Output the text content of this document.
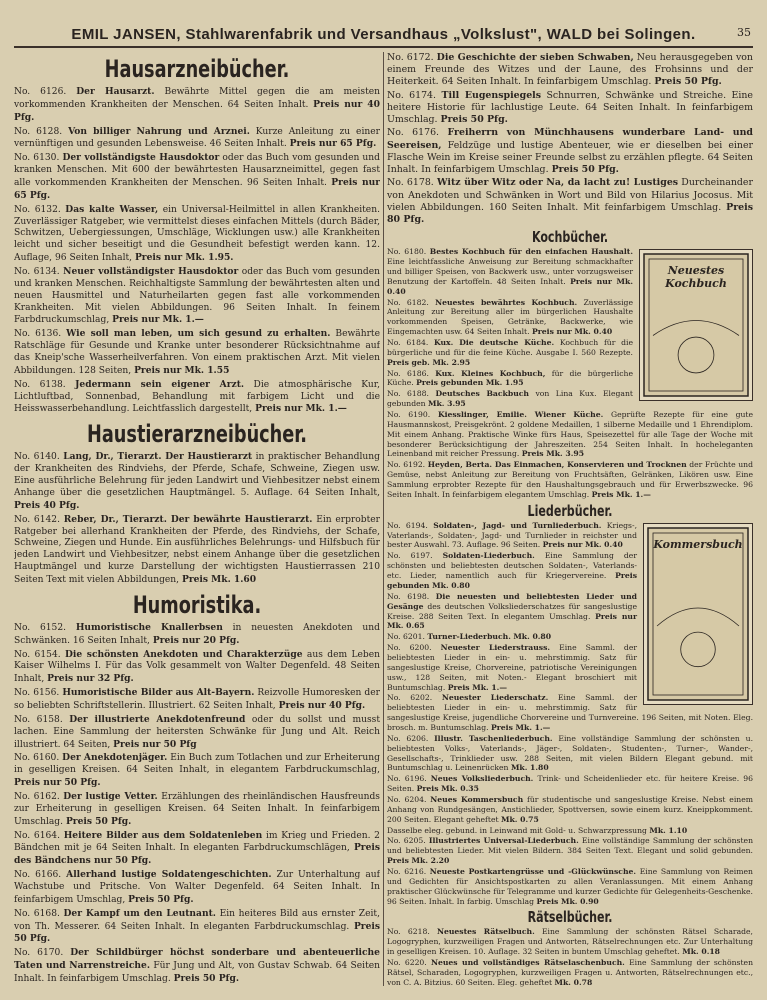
EMIL JANSEN, Stahlwarenfabrik und Versandhaus „Volkslust", WALD bei Solingen.	35
Hausarzneibücher.

No. 6126. Der Hausarzt. Bewährte Mittel gegen die am meisten vorkommenden Krankheiten der Menschen. 64 Seiten Inhalt. Preis nur 40 Pfg.

No. 6128. Von billiger Nahrung und Arznei. Kurze Anleitung zu einer vernünftigen und gesunden Lebensweise. 46 Seiten Inhalt. Preis nur 65 Pfg.

No. 6130. Der vollständigste Hausdoktor oder das Buch vom gesunden und kranken Menschen. Mit 600 der bewährtesten Hausarzneimittel, gegen fast alle vorkommenden Krankheiten der Menschen. 96 Seiten Inhalt. Preis nur 65 Pfg.

No. 6132. Das kalte Wasser, ein Universal-Heilmittel in allen Krankheiten. Zuverlässiger Ratgeber, wie vermittelst dieses einfachen Mittels (durch Bäder, Schwitzen, Uebergiessungen, Umschläge, Wicklungen usw.) alle Krankheiten leicht und sicher beseitigt und die Gesundheit befestigt werden kann. 12. Auflage, 96 Seiten Inhalt, Preis nur Mk. 1.95.

No. 6134. Neuer vollständigster Hausdoktor oder das Buch vom gesunden und kranken Menschen. Reichhaltigste Sammlung der bewährtesten alten und neuen Hausmittel und Naturheilarten gegen fast alle vorkommenden Krankheiten. Mit vielen Abbildungen. 96 Seiten Inhalt. In feinem Farbdruckumschlag, Preis nur Mk. 1.—

No. 6136. Wie soll man leben, um sich gesund zu erhalten. Bewährte Ratschläge für Gesunde und Kranke unter besonderer Rücksichtnahme auf das Kneip'sche Wasserheilverfahren. Von einem praktischen Arzt. Mit vielen Abbildungen. 128 Seiten, Preis nur Mk. 1.55

No. 6138. Jedermann sein eigener Arzt. Die atmosphärische Kur, Lichtluftbad, Sonnenbad, Behandlung mit farbigem Licht und die Heisswasserbehandlung. Leichtfasslich dargestellt, Preis nur Mk. 1.—

Haustierarzneibücher.

No. 6140. Lang, Dr., Tierarzt. Der Haustierarzt in praktischer Behandlung der Krankheiten des Rindviehs, der Pferde, Schafe, Schweine, Ziegen usw. Eine ausführliche Belehrung für jeden Landwirt und Viehbesitzer nebst einem Anhange über die gesetzlichen Hauptmängel. 5. Auflage. 64 Seiten Inhalt, Preis 40 Pfg.

No. 6142. Reber, Dr., Tierarzt. Der bewährte Haustierarzt. Ein erprobter Ratgeber bei allerhand Krankheiten der Pferde, des Rindviehs, der Schafe, Schweine, Ziegen und Hunde. Ein ausführliches Belehrungs- und Hilfsbuch für jeden Landwirt und Viehbesitzer, nebst einem Anhange über die gesetzlichen Hauptmängel und kurze Darstellung der wichtigsten Haustierrassen 210 Seiten Text mit vielen Abbildungen, Preis Mk. 1.60

Humoristika.

No. 6152. Humoristische Knallerbsen in neuesten Anekdoten und Schwänken. 16 Seiten Inhalt, Preis nur 20 Pfg.

No. 6154. Die schönsten Anekdoten und Charakterzüge aus dem Leben Kaiser Wilhelms I. Für das Volk gesammelt von Walter Degenfeld. 48 Seiten Inhalt, Preis nur 32 Pfg.

No. 6156. Humoristische Bilder aus Alt-Bayern. Reizvolle Humoresken der so beliebten Schriftstellerin. Illustriert. 62 Seiten Inhalt, Preis nur 40 Pfg.

No. 6158. Der illustrierte Anekdotenfreund oder du sollst und musst lachen. Eine Sammlung der heitersten Schwänke für Jung und Alt. Reich illustriert. 64 Seiten, Preis nur 50 Pfg

No. 6160. Der Anekdotenjäger. Ein Buch zum Totlachen und zur Erheiterung in geselligen Kreisen. 64 Seiten Inhalt, in elegantem Farbdruckumschlag, Preis nur 50 Pfg.

No. 6162. Der lustige Vetter. Erzählungen des rheinländischen Hausfreunds zur Erheiterung in geselligen Kreisen. 64 Seiten Inhalt. In feinfarbigem Umschlag. Preis 50 Pfg.

No. 6164. Heitere Bilder aus dem Soldatenleben im Krieg und Frieden. 2 Bändchen mit je 64 Seiten Inhalt. In eleganten Farbdruckumschlägen, Preis des Bändchens nur 50 Pfg.

No. 6166. Allerhand lustige Soldatengeschichten. Zur Unterhaltung auf Wachstube und Pritsche. Von Walter Degenfeld. 64 Seiten Inhalt. In feinfarbigem Umschlag, Preis 50 Pfg.

No. 6168. Der Kampf um den Leutnant. Ein heiteres Bild aus ernster Zeit, von Th. Messerer. 64 Seiten Inhalt. In eleganten Farbdruckumschlag. Preis 50 Pfg.

No. 6170. Der Schildbürger höchst sonderbare und abenteuerliche Taten und Narrenstreiche. Für Jung und Alt, von Gustav Schwab. 64 Seiten Inhalt. In feinfarbigem Umschlag. Preis 50 Pfg.

No. 6172. Die Geschichte der sieben Schwaben, Neu herausgegeben von einem Freunde des Witzes und der Laune, des Frohsinns und der Heiterkeit. 64 Seiten Inhalt. In feinfarbigem Umschlag. Preis 50 Pfg.

No. 6174. Till Eugenspiegels Schnurren, Schwänke und Streiche. Eine heitere Historie für lachlustige Leute. 64 Seiten Inhalt. In feinfarbigem Umschlag. Preis 50 Pfg.

No. 6176. Freiherrn von Münchhausens wunderbare Land- und Seereisen, Feldzüge und lustige Abenteuer, wie er dieselben bei einer Flasche Wein im Kreise seiner Freunde selbst zu erzählen pflegte. 64 Seiten Inhalt. In feinfarbigem Umschlag. Preis 50 Pfg.

No. 6178. Witz über Witz oder Na, da lacht zu! Lustiges Durcheinander von Anekdoten und Schwänken in Wort und Bild von Hilarius Jocosus. Mit vielen Abbildungen. 160 Seiten Inhalt. Mit feinfarbigem Umschlag. Preis 80 Pfg.

Kochbücher.
Neuestes Kochbuch

No. 6180. Bestes Kochbuch für den einfachen Haushalt. Eine leichtfassliche Anweisung zur Bereitung schmackhafter und billiger Speisen, von Backwerk usw., unter vorzugsweiser Benutzung der Kartoffeln. 48 Seiten Inhalt. Preis nur Mk. 0.40

No. 6182. Neuestes bewährtes Kochbuch. Zuverlässige Anleitung zur Bereitung aller im bürgerlichen Haushalte vorkommenden Speisen, Getränke, Backwerke, wie Eingemachten usw. 64 Seiten Inhalt. Preis nur Mk. 0.40

No. 6184. Kux. Die deutsche Küche. Kochbuch für die bürgerliche und für die feine Küche. Ausgabe I. 560 Rezepte. Preis geb. Mk. 2.95

No. 6186. Kux. Kleines Kochbuch, für die bürgerliche Küche. Preis gebunden Mk. 1.95

No. 6188. Deutsches Backbuch von Lina Kux. Elegant gebunden Mk. 3.95

No. 6190. Kiesslinger, Emilie. Wiener Küche. Geprüfte Rezepte für eine gute Hausmannskost, Preisgekrönt. 2 goldene Medaillen, 1 silberne Medaille und 1 Ehrendiplom. Mit einem Anhang. Praktische Winke fürs Haus, Speisezettel für alle Tage der Woche mit besonderer Berücksichtigung der Jahreszeiten. 254 Seiten Inhalt. In hocheleganten Leinenband mit reicher Pressung. Preis Mk. 3.95

No. 6192. Heyden, Berta. Das Einmachen, Konservieren und Trocknen der Früchte und Gemüse, nebst Anleitung zur Bereitung von Fruchtsäften, Gelränken, Likören usw. Eine Sammlung erprobter Rezepte für den Haushaltungsgebrauch und für Erwerbszwecke. 96 Seiten Inhalt. In feinfarbigem elegantem Umschlag. Preis Mk. 1.—

Liederbücher.
Kommersbuch

No. 6194. Soldaten-, Jagd- und Turnliederbuch. Kriegs-, Vaterlands-, Soldaten-, Jagd- und Turnlieder in reichster und bester Auswahl. 73. Auflage. 96 Seiten. Preis nur Mk. 0.40

No. 6197. Soldaten-Liederbuch. Eine Sammlung der schönsten und beliebtesten deutschen Soldaten-, Vaterlands- etc. Lieder, namentlich auch für Kriegervereine. Preis gebunden Mk. 0.80

No. 6198. Die neuesten und beliebtesten Lieder und Gesänge des deutschen Volksliederschatzes für sangeslustige Kreise. 288 Seiten Text. In elegantem Umschlag. Preis nur Mk. 0.65

No. 6201. Turner-Liederbuch. Mk. 0.80

No. 6200. Neuester Liederstrauss. Eine Samml. der beliebtesten Lieder in ein- u. mehrstimmig. Satz für sangeslustige Kreise, Chorvereine, patriotische Vereinigungen usw., 128 Seiten, mit Noten.- Elegant broschiert mit Buntumschlag. Preis Mk. 1.—

No. 6202. Neuester Liederschatz. Eine Samml. der beliebtesten Lieder in ein- u. mehrstimmig. Satz für sangeslustige Kreise, jugendliche Chorvereine und Turnvereine. 196 Seiten, mit Noten. Eleg. brosch. m. Buntumschlag. Preis Mk. 1.—

No. 6206. Illustr. Taschenliederbuch. Eine vollständige Sammlung der schönsten u. beliebtesten Volks-, Vaterlands-, Jäger-, Soldaten-, Studenten-, Turner-, Wander-, Gesellschafts-, Trinklieder usw. 288 Seiten, mit vielen Bildern Elegant gebund. mit Buntumschlag u. Leinenrücken Mk. 1.80

No. 6196. Neues Volksliederbuch. Trink- und Scheidenlieder etc. für heitere Kreise. 96 Seiten. Preis Mk. 0.35

No. 6204. Neues Kommersbuch für studentische und sangeslustige Kreise. Nebst einem Anhang von Rundgesängen, Anstichlieder, Spottversen, sowie einem kurz. Kneippkomment. 200 Seiten. Elegant geheftet Mk. 0.75

Dasselbe eleg. gebund. in Leinwand mit Gold- u. Schwarzpressung Mk. 1.10

No. 6205. Illustriertes Universal-Liederbuch. Eine vollständige Sammlung der schönsten und beliebtesten Lieder. Mit vielen Bildern. 384 Seiten Text. Elegant und solid gebunden. Preis Mk. 2.20

No. 6216. Neueste Postkartengrüsse und -Glückwünsche. Eine Sammlung von Reimen und Gedichten für Ansichtspostkarten zu allen Veranlassungen. Mit einem Anhang praktischer Glückwünsche für Telegramme und kurzer Gedichte für Gelegenheits-Geschenke. 96 Seiten. Inhalt. In farbig. Umschlag Preis Mk. 0.90

Rätselbücher.

No. 6218. Neuestes Rätselbuch. Eine Sammlung der schönsten Rätsel Scharade, Logogryphen, kurzweiligen Fragen und Antworten, Rätselrechnungen etc. Zur Unterhaltung in geselligen Kreisen. 10. Auflage. 32 Seiten in buntem Umschlag geheftet. Mk. 0.18

No. 6220. Neues und vollständiges Rätselaschenbuch. Eine Sammlung der schönsten Rätsel, Scharaden, Logogryphen, kurzweiligen Fragen u. Antworten, Rätselrechnungen etc., von C. A. Bitzius. 60 Seiten. Eleg. geheftet Mk. 0.78
